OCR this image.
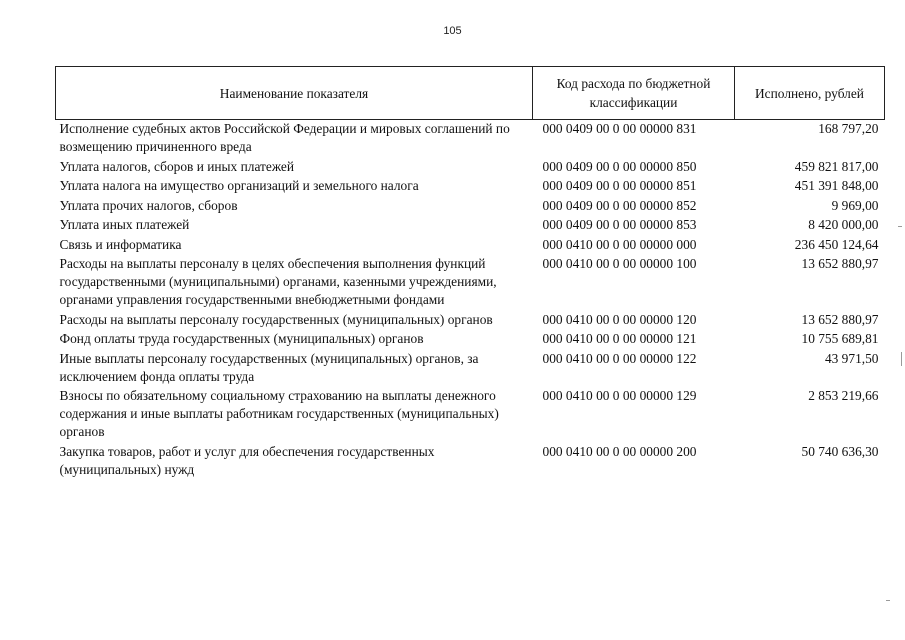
105
Наименование показателя	Код расхода по бюджетной классификации	Исполнено, рублей
Исполнение судебных актов Российской Федерации и мировых соглашений по возмещению причиненного вреда	000 0409 00 0 00 00000 831	168 797,20
Уплата налогов, сборов и иных платежей	000 0409 00 0 00 00000 850	459 821 817,00
Уплата налога на имущество организаций и земельного налога	000 0409 00 0 00 00000 851	451 391 848,00
Уплата прочих налогов, сборов	000 0409 00 0 00 00000 852	9 969,00
Уплата иных платежей	000 0409 00 0 00 00000 853	8 420 000,00
Связь и информатика	000 0410 00 0 00 00000 000	236 450 124,64
Расходы на выплаты персоналу в целях обеспечения выполнения функций государственными (муниципальными) органами, казенными учреждениями, органами управления государственными внебюджетными фондами	000 0410 00 0 00 00000 100	13 652 880,97
Расходы на выплаты персоналу государственных (муниципальных) органов	000 0410 00 0 00 00000 120	13 652 880,97
Фонд оплаты труда государственных (муниципальных) органов	000 0410 00 0 00 00000 121	10 755 689,81
Иные выплаты персоналу государственных (муниципальных) органов, за исключением фонда оплаты труда	000 0410 00 0 00 00000 122	43 971,50
Взносы по обязательному социальному страхованию на выплаты денежного содержания и иные выплаты работникам государственных (муниципальных) органов	000 0410 00 0 00 00000 129	2 853 219,66
Закупка товаров, работ и услуг для обеспечения государственных (муниципальных) нужд	000 0410 00 0 00 00000 200	50 740 636,30
